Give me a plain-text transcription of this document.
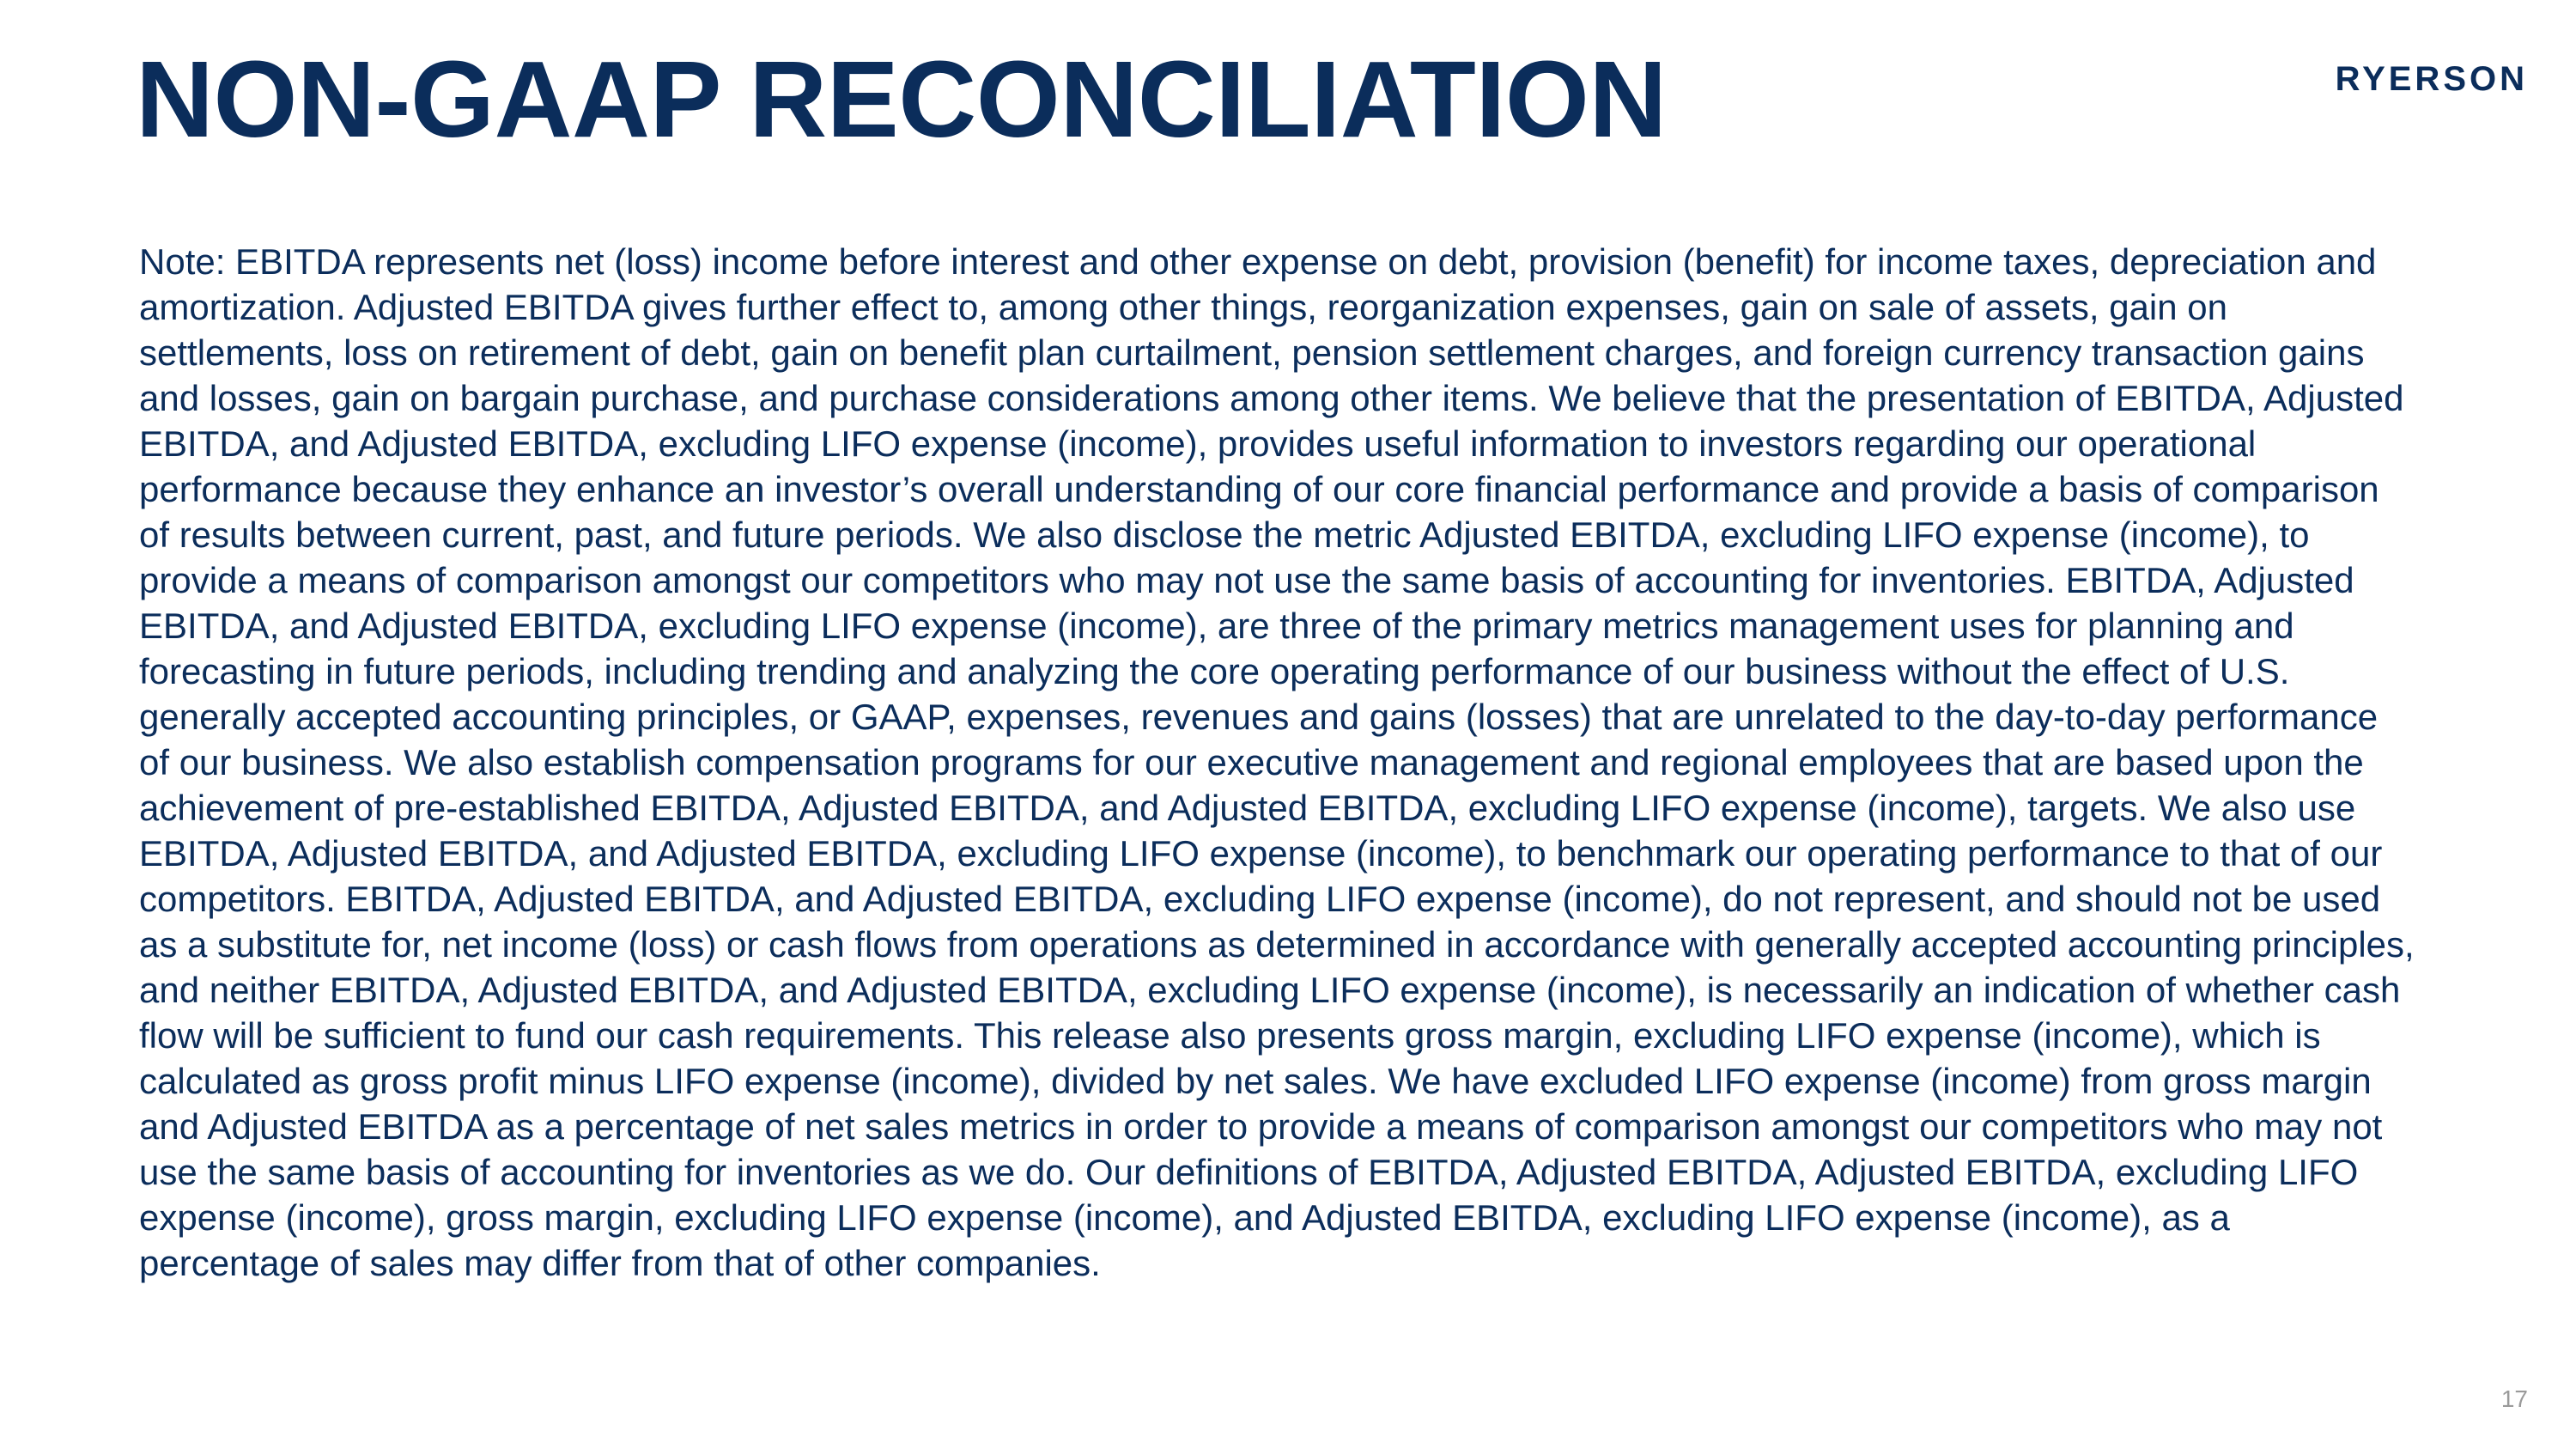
NON-GAAP RECONCILIATION	RYERSON
Note: EBITDA represents net (loss) income before interest and other expense on debt, provision (benefit) for income taxes, depreciation and
amortization. Adjusted EBITDA gives further effect to, among other things, reorganization expenses, gain on sale of assets, gain on
settlements, loss on retirement of debt, gain on benefit plan curtailment, pension settlement charges, and foreign currency transaction gains
and losses, gain on bargain purchase, and purchase considerations among other items. We believe that the presentation of EBITDA, Adjusted
EBITDA, and Adjusted EBITDA, excluding LIFO expense (income), provides useful information to investors regarding our operational
performance because they enhance an investor’s overall understanding of our core financial performance and provide a basis of comparison
of results between current, past, and future periods. We also disclose the metric Adjusted EBITDA, excluding LIFO expense (income), to
provide a means of comparison amongst our competitors who may not use the same basis of accounting for inventories. EBITDA, Adjusted
EBITDA, and Adjusted EBITDA, excluding LIFO expense (income), are three of the primary metrics management uses for planning and
forecasting in future periods, including trending and analyzing the core operating performance of our business without the effect of U.S.
generally accepted accounting principles, or GAAP, expenses, revenues and gains (losses) that are unrelated to the day-to-day performance
of our business. We also establish compensation programs for our executive management and regional employees that are based upon the
achievement of pre-established EBITDA, Adjusted EBITDA, and Adjusted EBITDA, excluding LIFO expense (income), targets. We also use
EBITDA, Adjusted EBITDA, and Adjusted EBITDA, excluding LIFO expense (income), to benchmark our operating performance to that of our
competitors. EBITDA, Adjusted EBITDA, and Adjusted EBITDA, excluding LIFO expense (income), do not represent, and should not be used
as a substitute for, net income (loss) or cash flows from operations as determined in accordance with generally accepted accounting principles,
and neither EBITDA, Adjusted EBITDA, and Adjusted EBITDA, excluding LIFO expense (income), is necessarily an indication of whether cash
flow will be sufficient to fund our cash requirements. This release also presents gross margin, excluding LIFO expense (income), which is
calculated as gross profit minus LIFO expense (income), divided by net sales. We have excluded LIFO expense (income) from gross margin
and Adjusted EBITDA as a percentage of net sales metrics in order to provide a means of comparison amongst our competitors who may not
use the same basis of accounting for inventories as we do. Our definitions of EBITDA, Adjusted EBITDA, Adjusted EBITDA, excluding LIFO
expense (income), gross margin, excluding LIFO expense (income), and Adjusted EBITDA, excluding LIFO expense (income), as a
percentage of sales may differ from that of other companies.
17
